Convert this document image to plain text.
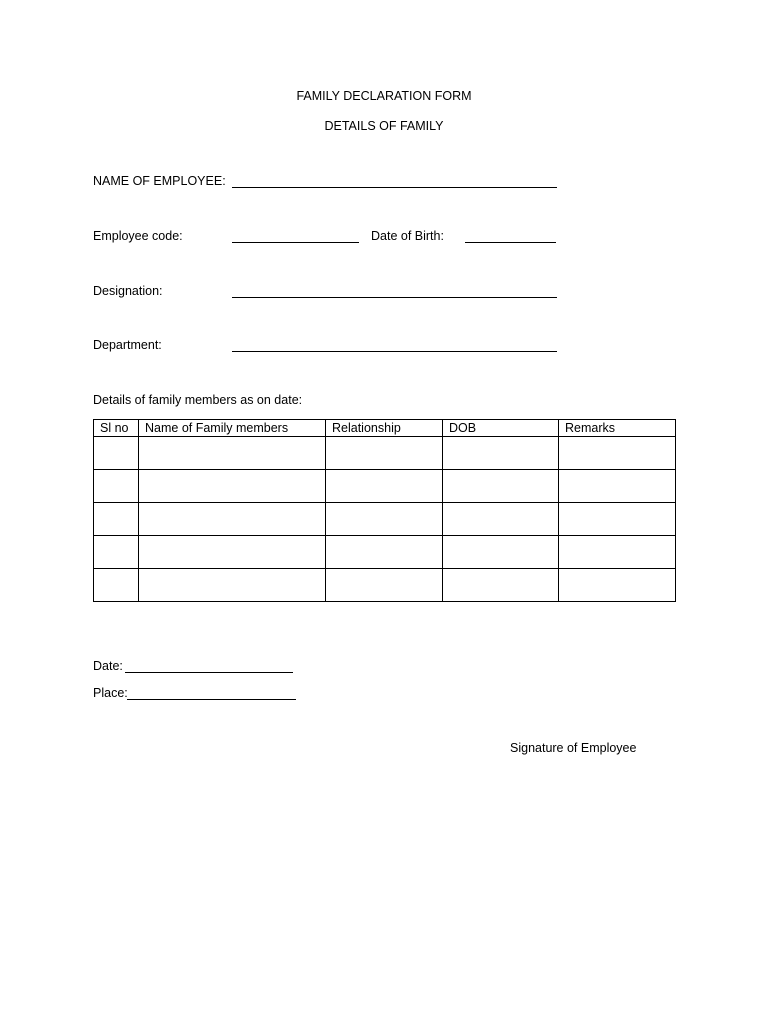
FAMILY DECLARATION FORM
DETAILS OF FAMILY
NAME OF EMPLOYEE:
Employee code:	Date of Birth:
Designation:
Department:
Details of family members as on date:
Sl no	Name of Family members	Relationship	DOB	Remarks

Date:
Place:
Signature of Employee
